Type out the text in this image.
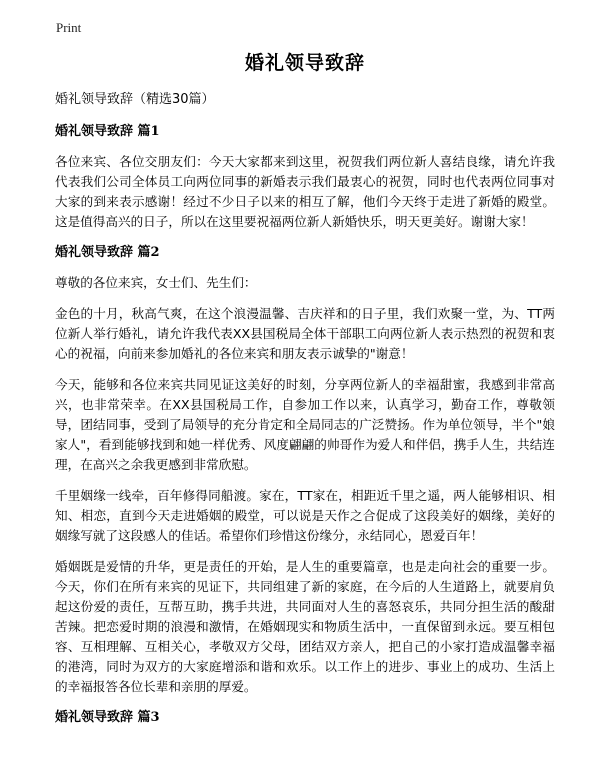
Print
婚礼领导致辞
婚礼领导致辞（精选30篇）
婚礼领导致辞 篇1

各位来宾、各位交朋友们：今天大家都来到这里，祝贺我们两位新人喜结良缘，请允许我代表我们公司全体员工向两位同事的新婚表示我们最衷心的祝贺，同时也代表两位同事对大家的到来表示感谢！经过不少日子以来的相互了解，他们今天终于走进了新婚的殿堂。这是值得高兴的日子，所以在这里要祝福两位新人新婚快乐，明天更美好。谢谢大家！

婚礼领导致辞 篇2

尊敬的各位来宾，女士们、先生们：

金色的十月，秋高气爽，在这个浪漫温馨、吉庆祥和的日子里，我们欢聚一堂，为、TT两位新人举行婚礼，请允许我代表XX县国税局全体干部职工向两位新人表示热烈的祝贺和衷心的祝福，向前来参加婚礼的各位来宾和朋友表示诚挚的"谢意！

今天，能够和各位来宾共同见证这美好的时刻，分享两位新人的幸福甜蜜，我感到非常高兴，也非常荣幸。在XX县国税局工作，自参加工作以来，认真学习，勤奋工作，尊敬领导，团结同事，受到了局领导的充分肯定和全局同志的广泛赞扬。作为单位领导，半个"娘家人"，看到能够找到和她一样优秀、风度翩翩的帅哥作为爱人和伴侣，携手人生，共结连理，在高兴之余我更感到非常欣慰。

千里姻缘一线牵，百年修得同船渡。家在，TT家在，相距近千里之遥，两人能够相识、相知、相恋，直到今天走进婚姻的殿堂，可以说是天作之合促成了这段美好的姻缘，美好的姻缘写就了这段感人的佳话。希望你们珍惜这份缘分，永结同心，恩爱百年！

婚姻既是爱情的升华，更是责任的开始，是人生的重要篇章，也是走向社会的重要一步。今天，你们在所有来宾的见证下，共同组建了新的家庭，在今后的人生道路上，就要肩负起这份爱的责任，互帮互助，携手共进，共同面对人生的喜怒哀乐，共同分担生活的酸甜苦辣。把恋爱时期的浪漫和激情，在婚姻现实和物质生活中，一直保留到永远。要互相包容、互相理解、互相关心，孝敬双方父母，团结双方亲人，把自己的小家打造成温馨幸福的港湾，同时为双方的大家庭增添和谐和欢乐。以工作上的进步、事业上的成功、生活上的幸福报答各位长辈和亲朋的厚爱。

婚礼领导致辞 篇3
